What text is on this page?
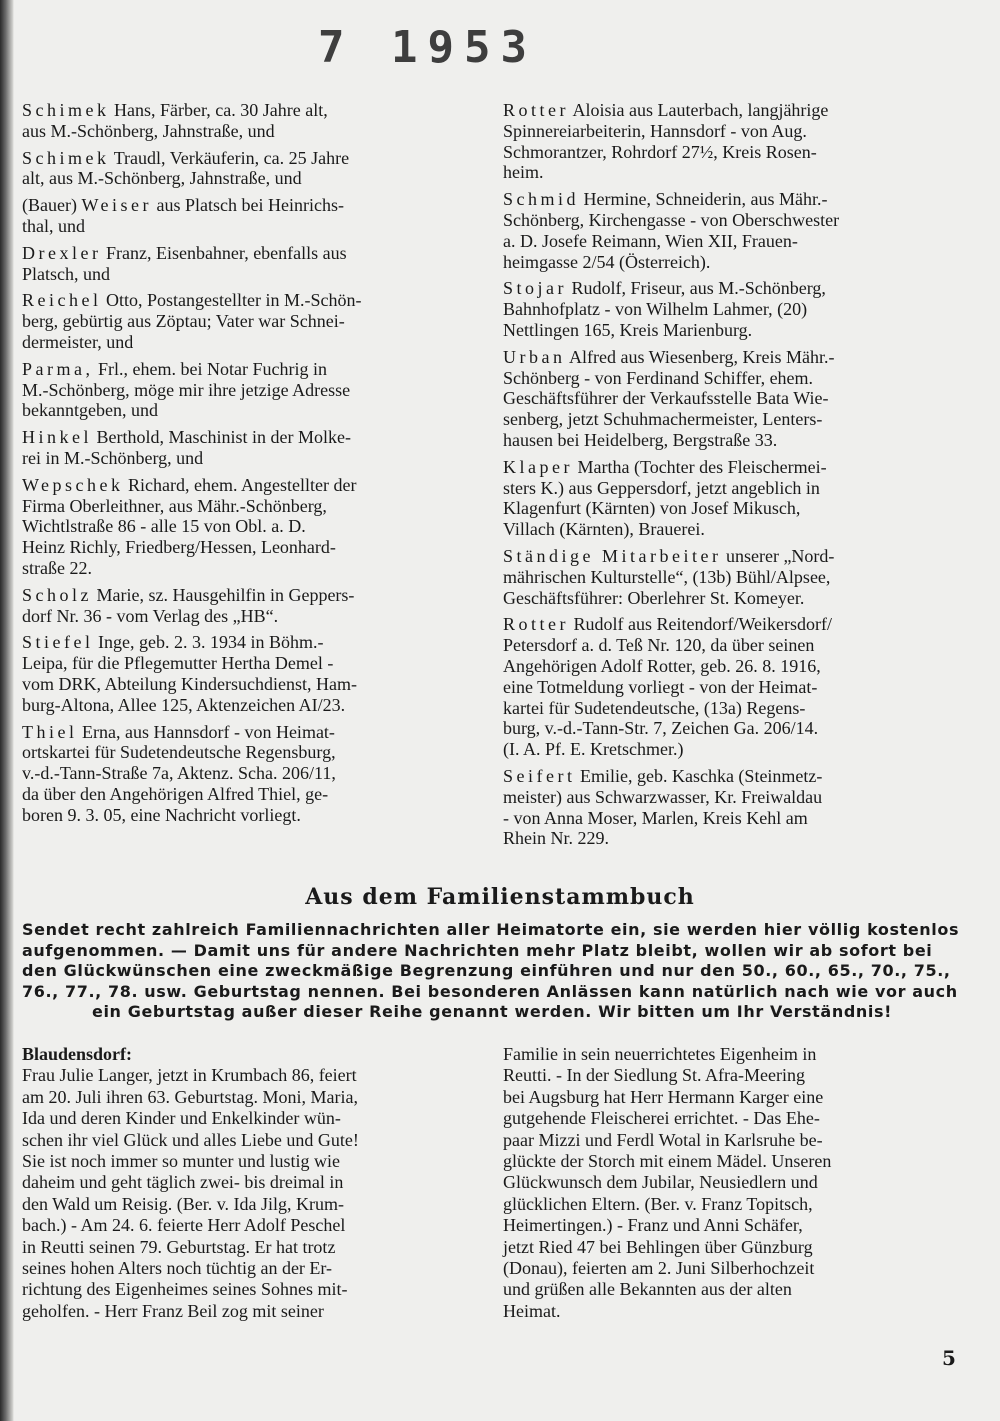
7 1953
Schimek Hans, Färber, ca. 30 Jahre alt,
aus M.-Schönberg, Jahnstraße, und
Schimek Traudl, Verkäuferin, ca. 25 Jahre
alt, aus M.-Schönberg, Jahnstraße, und
(Bauer) Weiser aus Platsch bei Heinrichs-
thal, und
Drexler Franz, Eisenbahner, ebenfalls aus
Platsch, und
Reichel Otto, Postangestellter in M.-Schön-
berg, gebürtig aus Zöptau; Vater war Schnei-
dermeister, und
Parma, Frl., ehem. bei Notar Fuchrig in
M.-Schönberg, möge mir ihre jetzige Adresse
bekanntgeben, und
Hinkel Berthold, Maschinist in der Molke-
rei in M.-Schönberg, und
Wepschek Richard, ehem. Angestellter der
Firma Oberleithner, aus Mähr.-Schönberg,
Wichtlstraße 86 - alle 15 von Obl. a. D.
Heinz Richly, Friedberg/Hessen, Leonhard-
straße 22.
Scholz Marie, sz. Hausgehilfin in Geppers-
dorf Nr. 36 - vom Verlag des „HB“.
Stiefel Inge, geb. 2. 3. 1934 in Böhm.-
Leipa, für die Pflegemutter Hertha Demel -
vom DRK, Abteilung Kindersuchdienst, Ham-
burg-Altona, Allee 125, Aktenzeichen AI/23.
Thiel Erna, aus Hannsdorf - von Heimat-
ortskartei für Sudetendeutsche Regensburg,
v.-d.-Tann-Straße 7a, Aktenz. Scha. 206/11,
da über den Angehörigen Alfred Thiel, ge-
boren 9. 3. 05, eine Nachricht vorliegt.
Rotter Aloisia aus Lauterbach, langjährige
Spinnereiarbeiterin, Hannsdorf - von Aug.
Schmorantzer, Rohrdorf 27½, Kreis Rosen-
heim.
Schmid Hermine, Schneiderin, aus Mähr.-
Schönberg, Kirchengasse - von Oberschwester
a. D. Josefe Reimann, Wien XII, Frauen-
heimgasse 2/54 (Österreich).
Stojar Rudolf, Friseur, aus M.-Schönberg,
Bahnhofplatz - von Wilhelm Lahmer, (20)
Nettlingen 165, Kreis Marienburg.
Urban Alfred aus Wiesenberg, Kreis Mähr.-
Schönberg - von Ferdinand Schiffer, ehem.
Geschäftsführer der Verkaufsstelle Bata Wie-
senberg, jetzt Schuhmachermeister, Lenters-
hausen bei Heidelberg, Bergstraße 33.
Klaper Martha (Tochter des Fleischermei-
sters K.) aus Geppersdorf, jetzt angeblich in
Klagenfurt (Kärnten) von Josef Mikusch,
Villach (Kärnten), Brauerei.
Ständige Mitarbeiter unserer „Nord-
mährischen Kulturstelle“, (13b) Bühl/Alpsee,
Geschäftsführer: Oberlehrer St. Komeyer.
Rotter Rudolf aus Reitendorf/Weikersdorf/
Petersdorf a. d. Teß Nr. 120, da über seinen
Angehörigen Adolf Rotter, geb. 26. 8. 1916,
eine Totmeldung vorliegt - von der Heimat-
kartei für Sudetendeutsche, (13a) Regens-
burg, v.-d.-Tann-Str. 7, Zeichen Ga. 206/14.
(I. A. Pf. E. Kretschmer.)
Seifert Emilie, geb. Kaschka (Steinmetz-
meister) aus Schwarzwasser, Kr. Freiwaldau
- von Anna Moser, Marlen, Kreis Kehl am
Rhein Nr. 229.
Aus dem Familienstammbuch
Sendet recht zahlreich Familiennachrichten aller Heimatorte ein, sie werden hier völlig kostenlos
aufgenommen. — Damit uns für andere Nachrichten mehr Platz bleibt, wollen wir ab sofort bei
den Glückwünschen eine zweckmäßige Begrenzung einführen und nur den 50., 60., 65., 70., 75.,
76., 77., 78. usw. Geburtstag nennen. Bei besonderen Anlässen kann natürlich nach wie vor auch
ein Geburtstag außer dieser Reihe genannt werden. Wir bitten um Ihr Verständnis!
Blaudensdorf:
Frau Julie Langer, jetzt in Krumbach 86, feiert
am 20. Juli ihren 63. Geburtstag. Moni, Maria,
Ida und deren Kinder und Enkelkinder wün-
schen ihr viel Glück und alles Liebe und Gute!
Sie ist noch immer so munter und lustig wie
daheim und geht täglich zwei- bis dreimal in
den Wald um Reisig. (Ber. v. Ida Jilg, Krum-
bach.) - Am 24. 6. feierte Herr Adolf Peschel
in Reutti seinen 79. Geburtstag. Er hat trotz
seines hohen Alters noch tüchtig an der Er-
richtung des Eigenheimes seines Sohnes mit-
geholfen. - Herr Franz Beil zog mit seiner
Familie in sein neuerrichtetes Eigenheim in
Reutti. - In der Siedlung St. Afra-Meering
bei Augsburg hat Herr Hermann Karger eine
gutgehende Fleischerei errichtet. - Das Ehe-
paar Mizzi und Ferdl Wotal in Karlsruhe be-
glückte der Storch mit einem Mädel. Unseren
Glückwunsch dem Jubilar, Neusiedlern und
glücklichen Eltern. (Ber. v. Franz Topitsch,
Heimertingen.) - Franz und Anni Schäfer,
jetzt Ried 47 bei Behlingen über Günzburg
(Donau), feierten am 2. Juni Silberhochzeit
und grüßen alle Bekannten aus der alten
Heimat.
5
